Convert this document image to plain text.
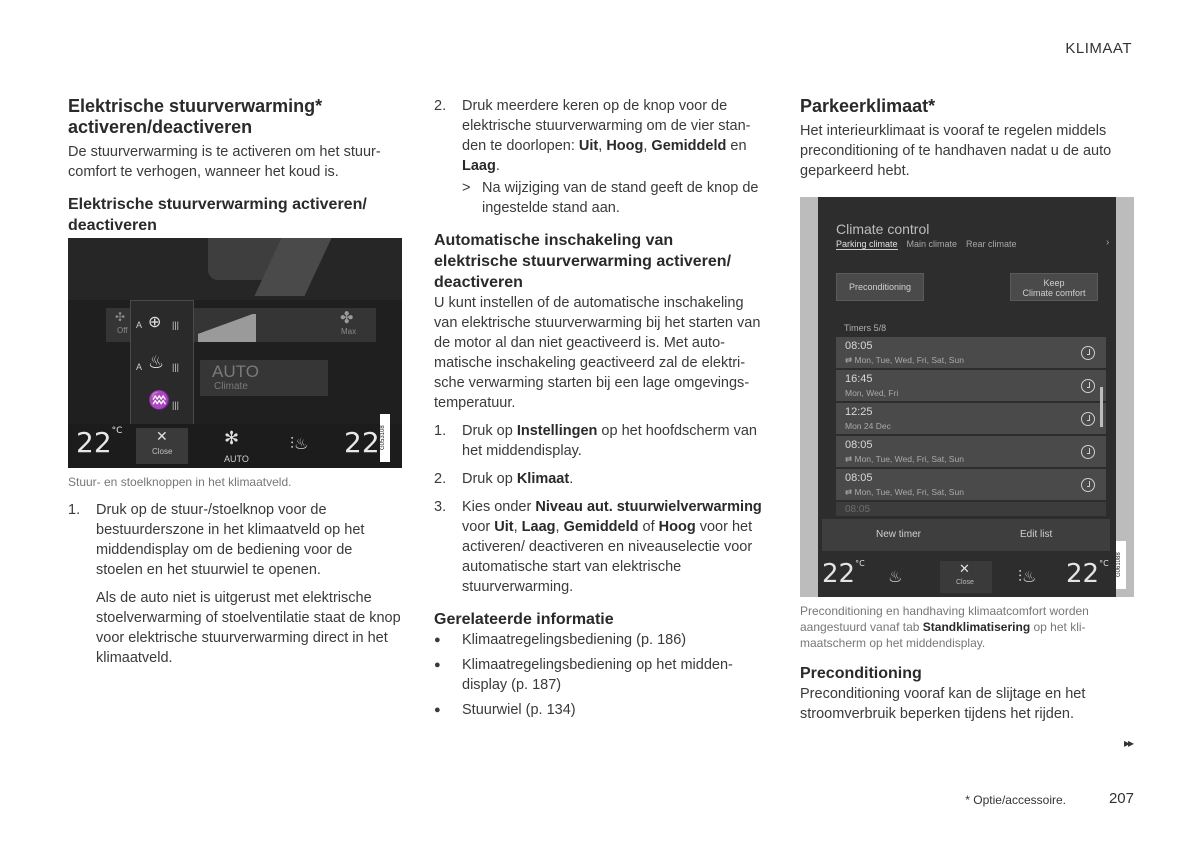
KLIMAAT
Elektrische stuurverwarming*
activeren/deactiveren

De stuurverwarming is te activeren om het stuurcomfort te verhogen, wanneer het koud is.

Elektrische stuurverwarming activeren/
deactiveren
✣
Off
✤
Max
A ⊕ |||
A ♨ |||
♒ |||
AUTO
Climate
$22^{^\circ C}$ ✕
Close
✻
AUTO
⫶♨ 22 G053108

Stuur- en stoelknoppen in het klimaatveld.

1.	Druk op de stuur-/stoelknop voor de bestuurderszone in het klimaatveld op het middendisplay om de bediening voor de stoelen en het stuurwiel te openen.

Als de auto niet is uitgerust met elektrische stoelverwarming of stoelventilatie staat de knop voor elektrische stuurverwarming direct in het klimaatveld.

2.	Druk meerdere keren op de knop voor de elektrische stuurverwarming om de vier standen te doorlopen: Uit, Hoog, Gemiddeld en Laag.
> Na wijziging van de stand geeft de knop de ingestelde stand aan.
Automatische inschakeling van
elektrische stuurverwarming activeren/
deactiveren

U kunt instellen of de automatische inschakeling van elektrische stuurverwarming bij het starten van de motor al dan niet geactiveerd is. Met automatische inschakeling geactiveerd zal de elektrische verwarming starten bij een lage omgevingstemperatuur.

1.	Druk op Instellingen op het hoofdscherm van het middendisplay.
2.	Druk op Klimaat.
3.	Kies onder Niveau aut. stuurwielverwarming voor Uit, Laag, Gemiddeld of Hoog voor het activeren/ deactiveren en niveauselectie voor automatische start van elektrische stuurverwarming.
Gerelateerde informatie
●	Klimaatregelingsbediening (p. 186)
●	Klimaatregelingsbediening op het middendisplay (p. 187)
●	Stuurwiel (p. 134)
Parkeerklimaat*

Het interieurklimaat is vooraf te regelen middels preconditioning of te handhaven nadat u de auto geparkeerd hebt.

Climate control
Parking climate Main climate Rear climate	›
Preconditioning	Keep
Climate comfort
Timers 5/8
08:05
⇄ Mon, Tue, Wed, Fri, Sat, Sun
16:45
Mon, Wed, Fri
12:25
Mon 24 Dec
08:05
⇄ Mon, Tue, Wed, Fri, Sat, Sun
08:05
⇄ Mon, Tue, Wed, Fri, Sat, Sun
08:05
New timer	Edit list
$22^{^\circ C}$
♨
✕
Close	⫶♨ $22^{^\circ C}$ G061088

Preconditioning en handhaving klimaatcomfort worden aangestuurd vanaf tab Standklimatisering op het klimaatscherm op het middendisplay.

Preconditioning

Preconditioning vooraf kan de slijtage en het stroomverbruik beperken tijdens het rijden.

▸▸
* Optie/accessoire.	207
